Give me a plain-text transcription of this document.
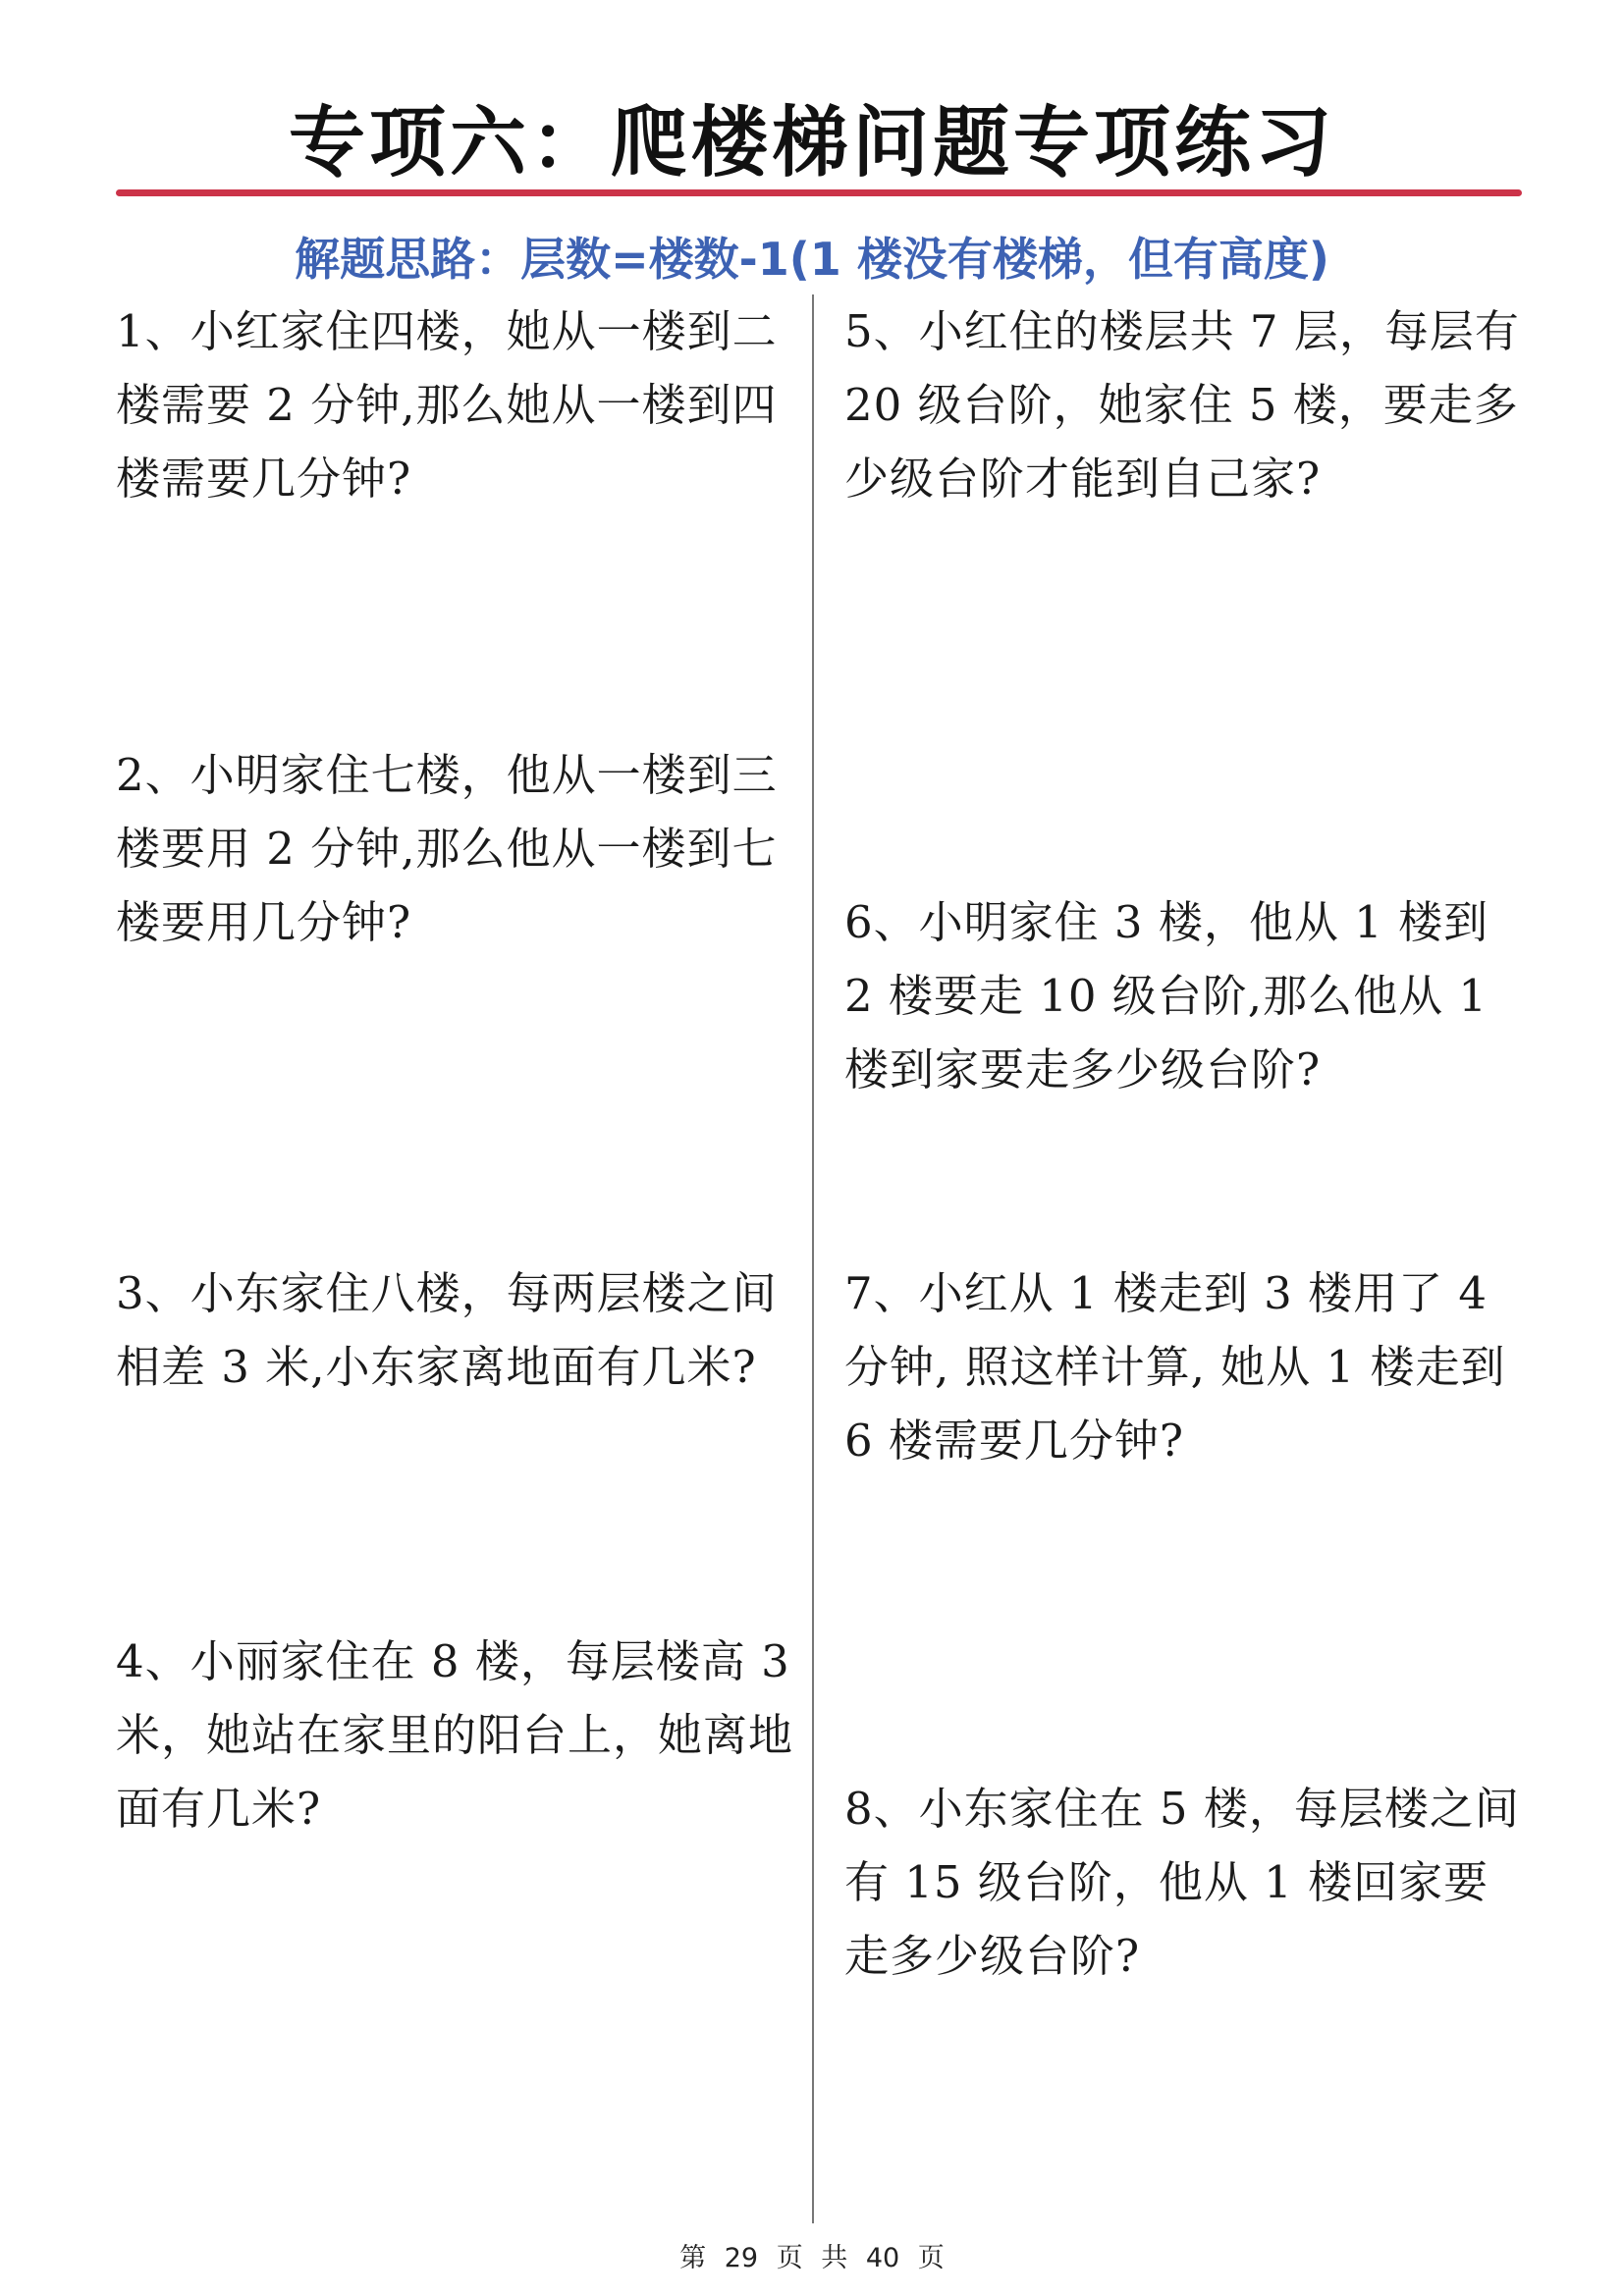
专项六：爬楼梯问题专项练习
解题思路：层数=楼数-1(1 楼没有楼梯，但有高度)
1、小红家住四楼，她从一楼到二楼需要 2 分钟,那么她从一楼到四楼需要几分钟?
2、小明家住七楼，他从一楼到三楼要用 2 分钟,那么他从一楼到七楼要用几分钟?
3、小东家住八楼，每两层楼之间相差 3 米,小东家离地面有几米?
4、小丽家住在 8 楼，每层楼高 3 米，她站在家里的阳台上，她离地面有几米?
5、小红住的楼层共 7 层，每层有 20 级台阶，她家住 5 楼，要走多少级台阶才能到自己家?
6、小明家住 3 楼，他从 1 楼到 2 楼要走 10 级台阶,那么他从 1 楼到家要走多少级台阶?
7、小红从 1 楼走到 3 楼用了 4 分钟, 照这样计算, 她从 1 楼走到 6 楼需要几分钟?
8、小东家住在 5 楼，每层楼之间有 15 级台阶，他从 1 楼回家要走多少级台阶?
第 29 页 共 40 页
